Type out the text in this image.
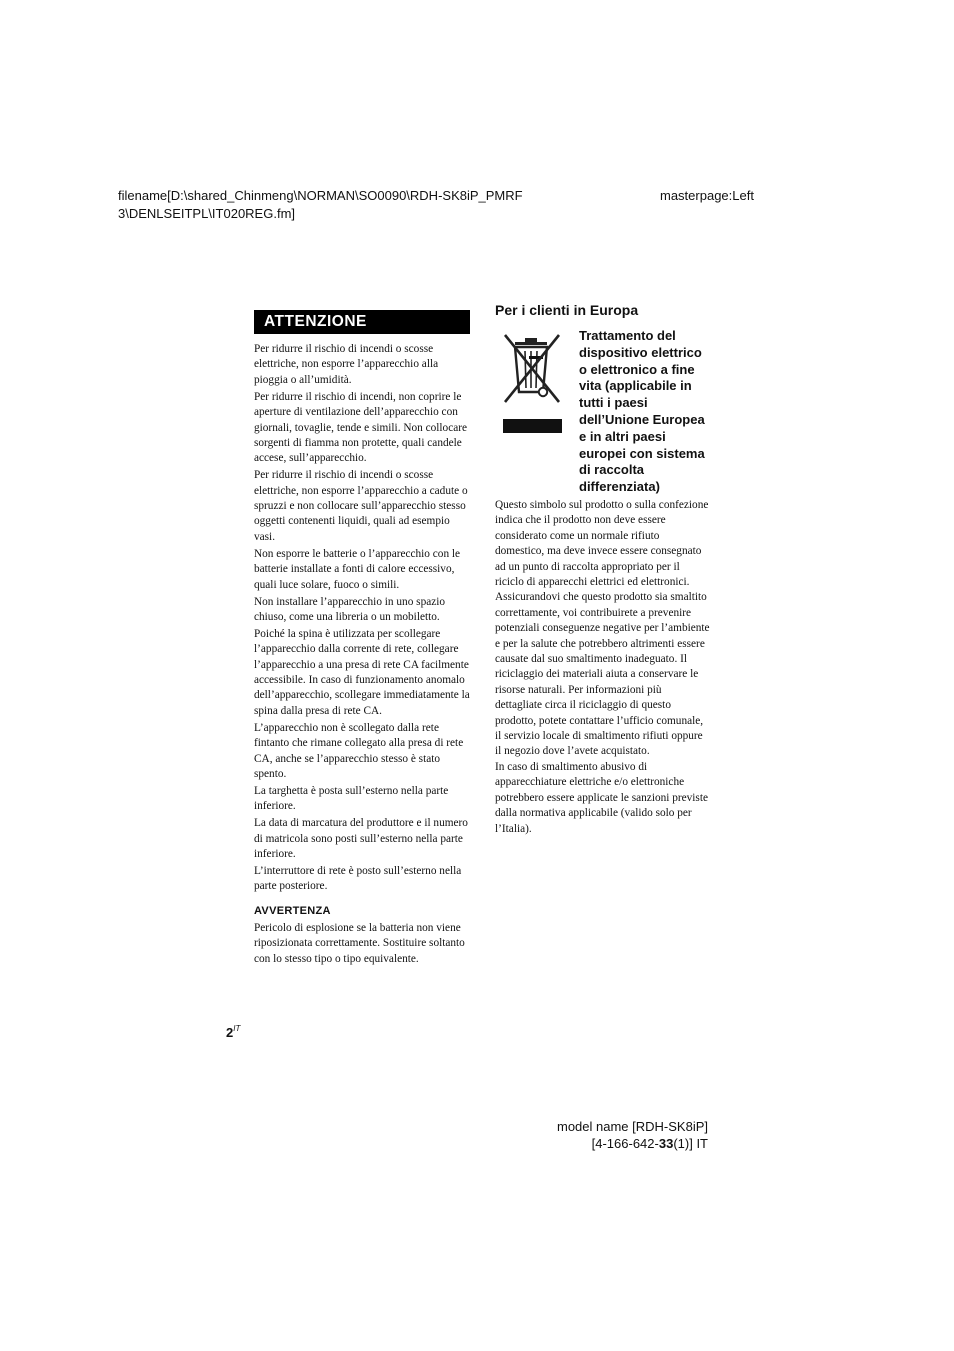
filename[D:\shared_Chinmeng\NORMAN\SO0090\RDH-SK8iP_PMRF 3\DENLSEITPL\IT020REG.fm]
masterpage:Left
ATTENZIONE

Per ridurre il rischio di incendi o scosse elettriche, non esporre l’apparecchio alla pioggia o all’umidità.

Per ridurre il rischio di incendi, non coprire le aperture di ventilazione dell’apparecchio con giornali, tovaglie, tende e simili. Non collocare sorgenti di fiamma non protette, quali candele accese, sull’apparecchio.

Per ridurre il rischio di incendi o scosse elettriche, non esporre l’apparecchio a cadute o spruzzi e non collocare sull’apparecchio stesso oggetti contenenti liquidi, quali ad esempio vasi.

Non esporre le batterie o l’apparecchio con le batterie installate a fonti di calore eccessivo, quali luce solare, fuoco o simili.

Non installare l’apparecchio in uno spazio chiuso, come una libreria o un mobiletto.

Poiché la spina è utilizzata per scollegare l’apparecchio dalla corrente di rete, collegare l’apparecchio a una presa di rete CA facilmente accessibile. In caso di funzionamento anomalo dell’apparecchio, scollegare immediatamente la spina dalla presa di rete CA.

L’apparecchio non è scollegato dalla rete fintanto che rimane collegato alla presa di rete CA, anche se l’apparecchio stesso è stato spento.

La targhetta è posta sull’esterno nella parte inferiore.

La data di marcatura del produttore e il numero di matricola sono posti sull’esterno nella parte inferiore.

L’interruttore di rete è posto sull’esterno nella parte posteriore.

AVVERTENZA

Pericolo di esplosione se la batteria non viene riposizionata correttamente. Sostituire soltanto con lo stesso tipo o tipo equivalente.

Per i clienti in Europa
Trattamento del dispositivo elettrico o elettronico a fine vita (applicabile in tutti i paesi dell’Unione Europea e in altri paesi europei con sistema di raccolta differenziata)

Questo simbolo sul prodotto o sulla confezione indica che il prodotto non deve essere considerato come un normale rifiuto domestico, ma deve invece essere consegnato ad un punto di raccolta appropriato per il riciclo di apparecchi elettrici ed elettronici. Assicurandovi che questo prodotto sia smaltito correttamente, voi contribuirete a prevenire potenziali conseguenze negative per l’ambiente e per la salute che potrebbero altrimenti essere causate dal suo smaltimento inadeguato. Il riciclaggio dei materiali aiuta a conservare le risorse naturali. Per informazioni più dettagliate circa il riciclaggio di questo prodotto, potete contattare l’ufficio comunale, il servizio locale di smaltimento rifiuti oppure il negozio dove l’avete acquistato.

In caso di smaltimento abusivo di apparecchiature elettriche e/o elettroniche potrebbero essere applicate le sanzioni previste dalla normativa applicabile (valido solo per l’Italia).

$2^{IT}$
model name [RDH-SK8iP]
[4-166-642-33(1)] IT
